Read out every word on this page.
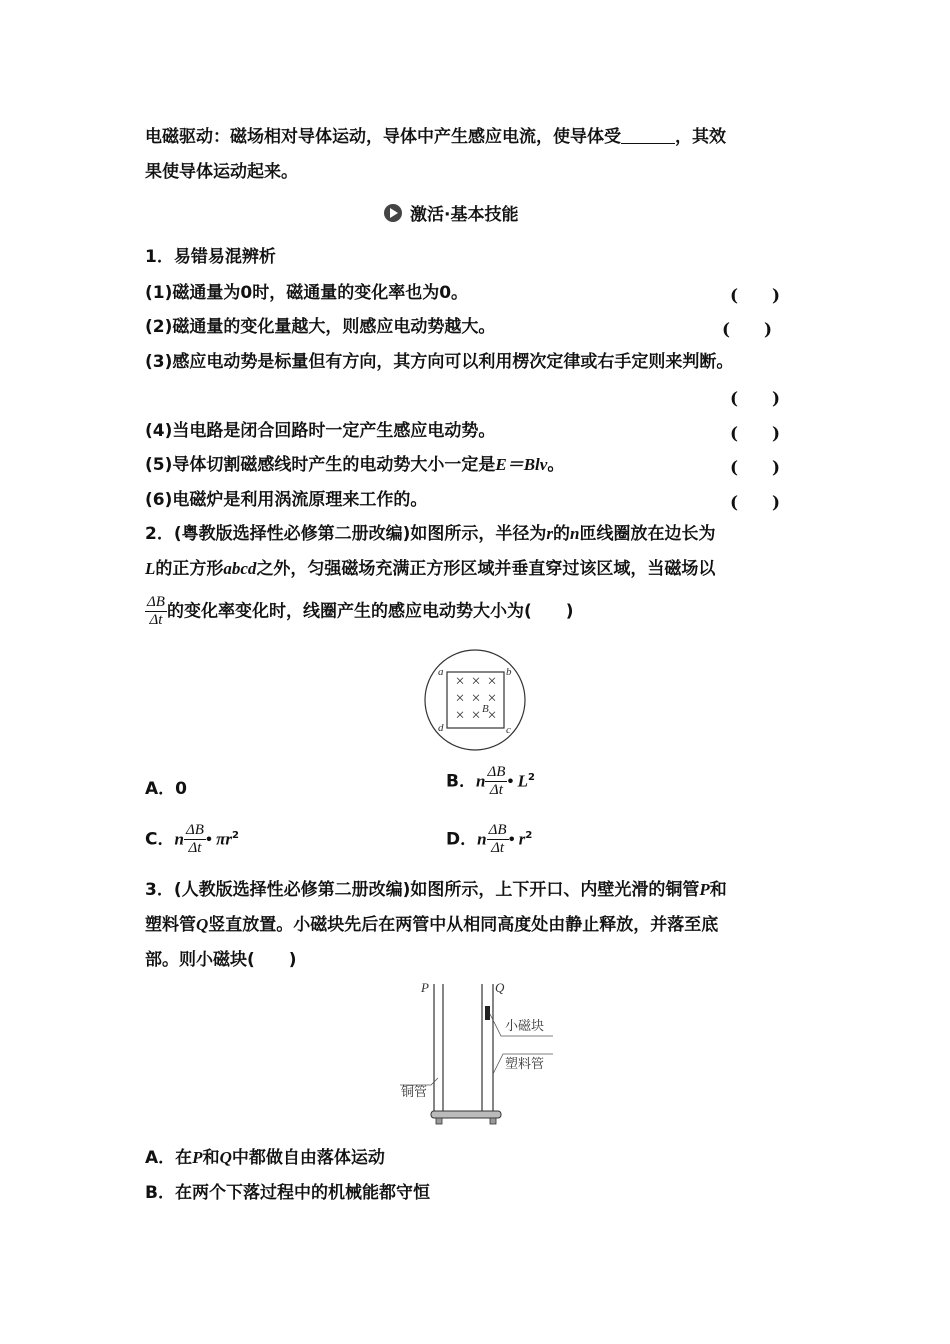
电磁驱动：磁场相对导体运动，导体中产生感应电流，使导体受	，其效
果使导体运动起来。
激活·基本技能
1．易错易混辨析
(1)磁通量为0时，磁通量的变化率也为0。	(　　)
(2)磁通量的变化量越大，则感应电动势越大。	(　　)
(3)感应电动势是标量但有方向，其方向可以利用楞次定律或右手定则来判断。
(　　)
(4)当电路是闭合回路时一定产生感应电动势。	(　　)
(5)导体切割磁感线时产生的电动势大小一定是E＝Blv。	(　　)
(6)电磁炉是利用涡流原理来工作的。	(　　)
2．(粤教版选择性必修第二册改编)如图所示，半径为r的n匝线圈放在边长为
L的正方形abcd之外，匀强磁场充满正方形区域并垂直穿过该区域，当磁场以
$\frac{\Delta B}{\Delta t}$ 的变化率变化时，线圈产生的感应电动势大小为(　　)
× × ×
× × ×
× × ×
a	b
c
d
B
A．0	B．n $\frac{\Delta B}{\Delta t}$ • $L^2$
C．n $\frac{\Delta B}{\Delta t}$ • $\pi r^2$	D．n $\frac{\Delta B}{\Delta t}$ • $r^2$
3．(人教版选择性必修第二册改编)如图所示，上下开口、内壁光滑的铜管P和
塑料管Q竖直放置。小磁块先后在两管中从相同高度处由静止释放，并落至底
部。则小磁块(　　)
P	Q
小磁块
塑料管
铜管
A．在P和Q中都做自由落体运动
B．在两个下落过程中的机械能都守恒
